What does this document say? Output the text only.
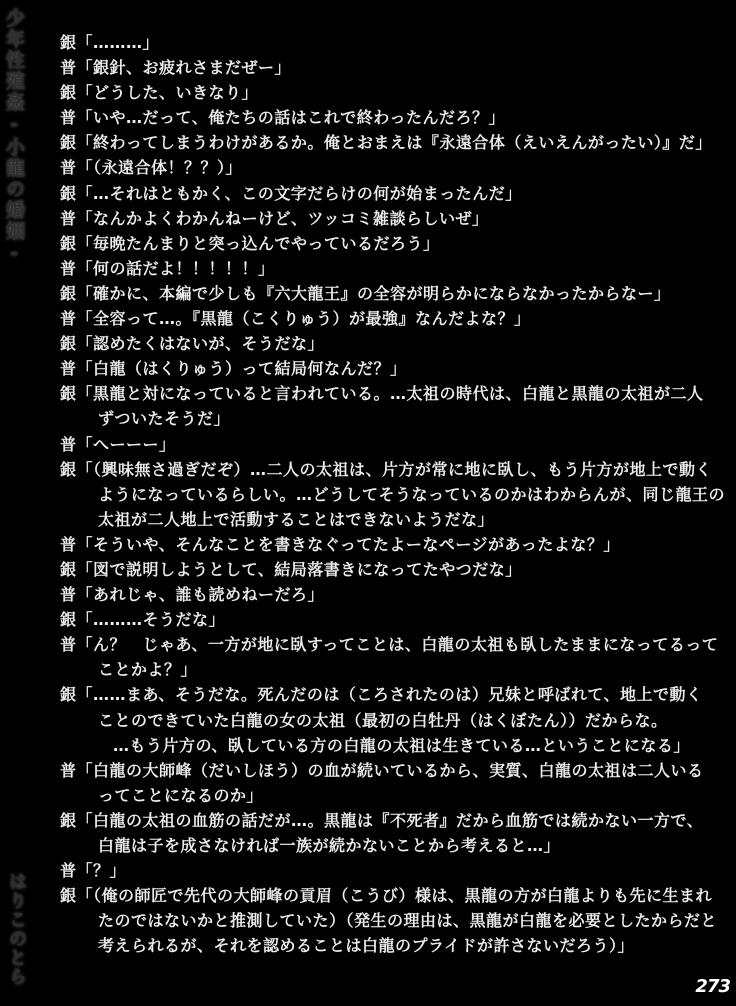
少年性殖姦-小龍の婚姻-
はりこのとら
銀「………」
普「銀針、お疲れさまだぜー」
銀「どうした、いきなり」
普「いや…だって、俺たちの話はこれで終わったんだろ？」
銀「終わってしまうわけがあるか。俺とおまえは『永遠合体（えいえんがったい）』だ」
普「（永遠合体！？？）」
銀「…それはともかく、この文字だらけの何が始まったんだ」
普「なんかよくわかんねーけど、ツッコミ雑談らしいぜ」
銀「毎晩たんまりと突っ込んでやっているだろう」
普「何の話だよ！！！！！」
銀「確かに、本編で少しも『六大龍王』の全容が明らかにならなかったからなー」
普「全容って…。『黒龍（こくりゅう）が最強』なんだよな？」
銀「認めたくはないが、そうだな」
普「白龍（はくりゅう）って結局何なんだ？」
銀「黒龍と対になっていると言われている。…太祖の時代は、白龍と黒龍の太祖が二人
ずついたそうだ」
普「へーーー」
銀「（興味無さ過ぎだぞ）…二人の太祖は、片方が常に地に臥し、もう片方が地上で動く
ようになっているらしい。…どうしてそうなっているのかはわからんが、同じ龍王の
太祖が二人地上で活動することはできないようだな」
普「そういや、そんなことを書きなぐってたよーなページがあったよな？」
銀「図で説明しようとして、結局落書きになってたやつだな」
普「あれじゃ、誰も読めねーだろ」
銀「………そうだな」
普「ん？　じゃあ、一方が地に臥すってことは、白龍の太祖も臥したままになってるって
ことかよ？」
銀「……まあ、そうだな。死んだのは（ころされたのは）兄妹と呼ばれて、地上で動く
ことのできていた白龍の女の太祖（最初の白牡丹（はくぼたん））だからな。
…もう片方の、臥している方の白龍の太祖は生きている…ということになる」
普「白龍の大師峰（だいしほう）の血が続いているから、実質、白龍の太祖は二人いる
ってことになるのか」
銀「白龍の太祖の血筋の話だが…。黒龍は『不死者』だから血筋では続かない一方で、
白龍は子を成さなければ一族が続かないことから考えると…」
普「？」
銀「（俺の師匠で先代の大師峰の貢眉（こうび）様は、黒龍の方が白龍よりも先に生まれ
たのではないかと推測していた）（発生の理由は、黒龍が白龍を必要としたからだと
考えられるが、それを認めることは白龍のプライドが許さないだろう）」
273
